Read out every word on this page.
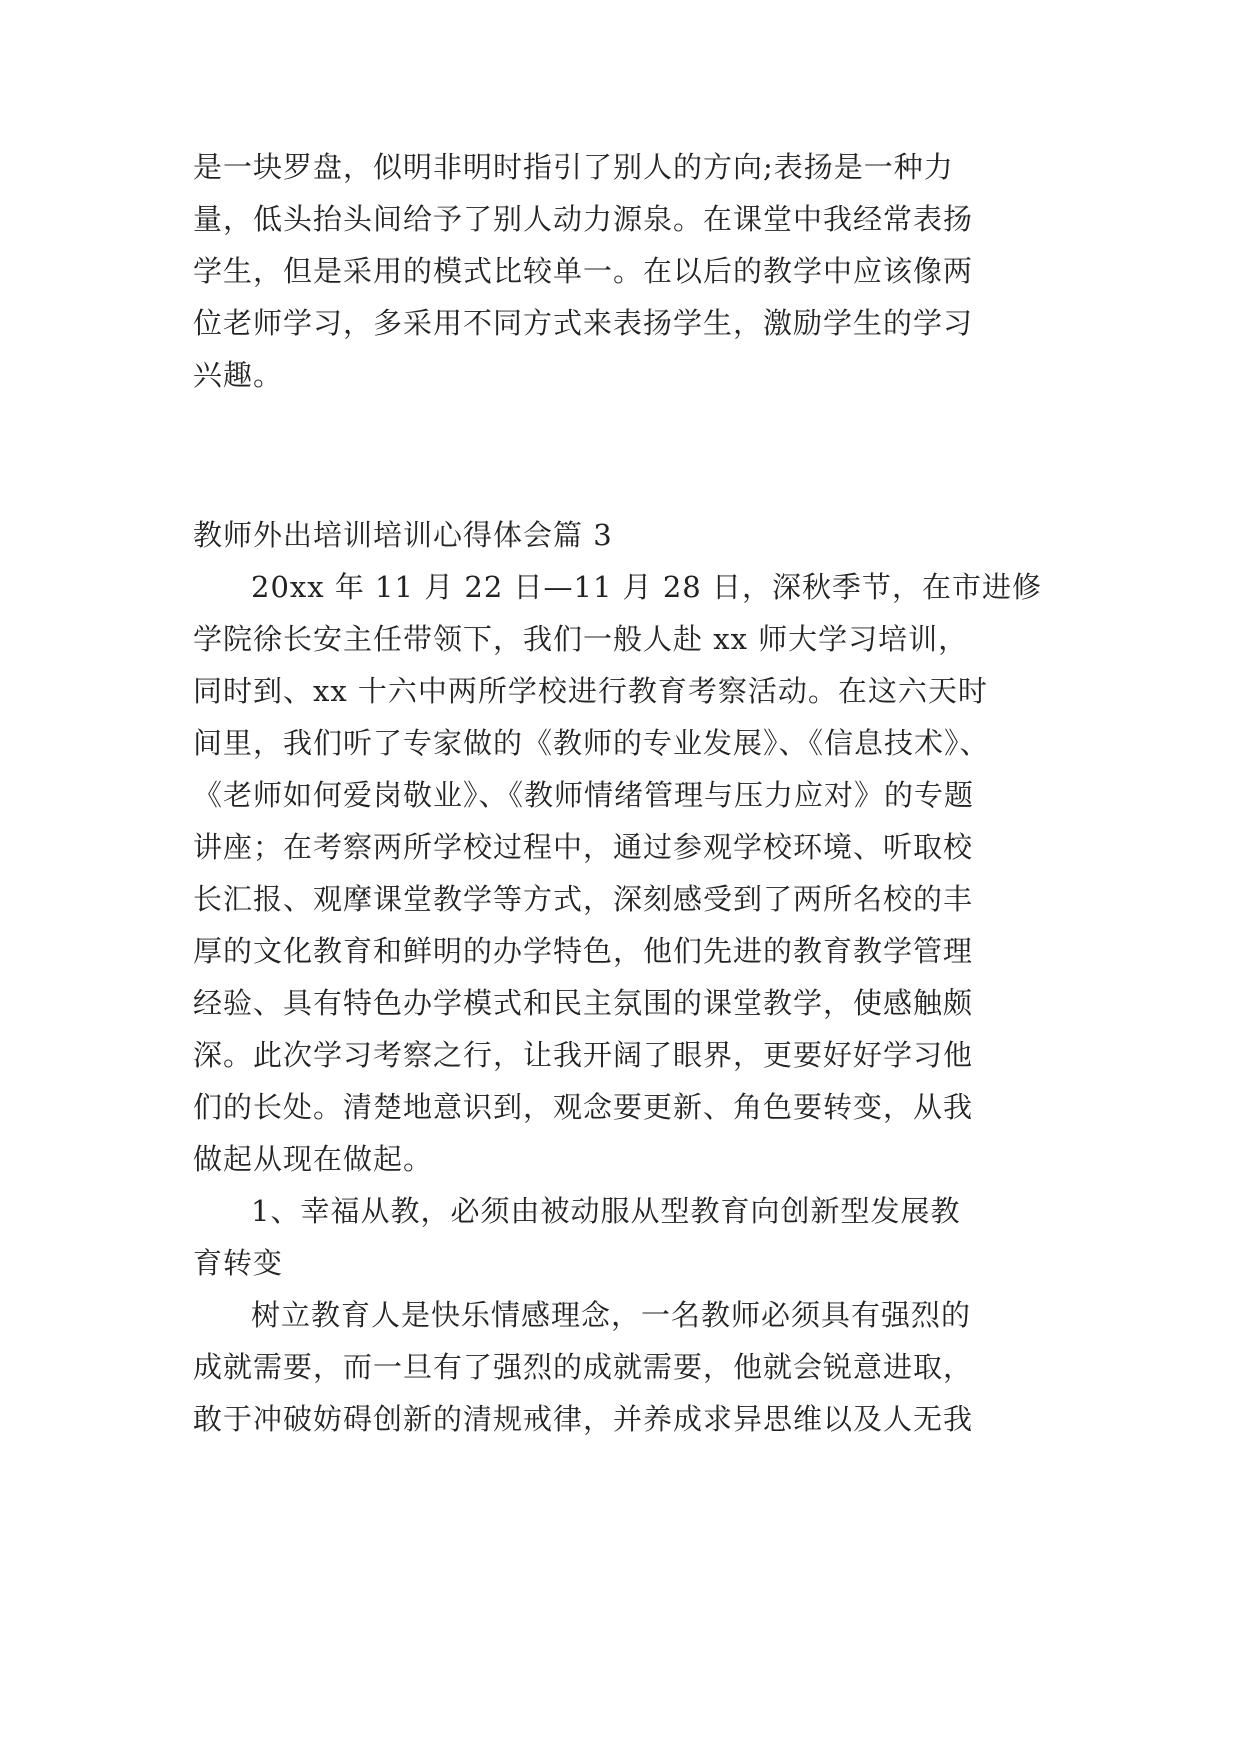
是一块罗盘，似明非明时指引了别人的方向;表扬是一种力
量，低头抬头间给予了别人动力源泉。在课堂中我经常表扬
学生，但是采用的模式比较单一。在以后的教学中应该像两
位老师学习，多采用不同方式来表扬学生，激励学生的学习
兴趣。
教师外出培训培训心得体会篇 3
20xx 年 11 月 22 日—11 月 28 日，深秋季节，在市进修
学院徐长安主任带领下，我们一般人赴 xx 师大学习培训，
同时到、xx 十六中两所学校进行教育考察活动。在这六天时
间里，我们听了专家做的《教师的专业发展》、《信息技术》、
《老师如何爱岗敬业》、《教师情绪管理与压力应对》的专题
讲座；在考察两所学校过程中，通过参观学校环境、听取校
长汇报、观摩课堂教学等方式，深刻感受到了两所名校的丰
厚的文化教育和鲜明的办学特色，他们先进的教育教学管理
经验、具有特色办学模式和民主氛围的课堂教学，使感触颇
深。此次学习考察之行，让我开阔了眼界，更要好好学习他
们的长处。清楚地意识到，观念要更新、角色要转变，从我
做起从现在做起。
1、幸福从教，必须由被动服从型教育向创新型发展教
育转变
树立教育人是快乐情感理念，一名教师必须具有强烈的
成就需要，而一旦有了强烈的成就需要，他就会锐意进取，
敢于冲破妨碍创新的清规戒律，并养成求异思维以及人无我
